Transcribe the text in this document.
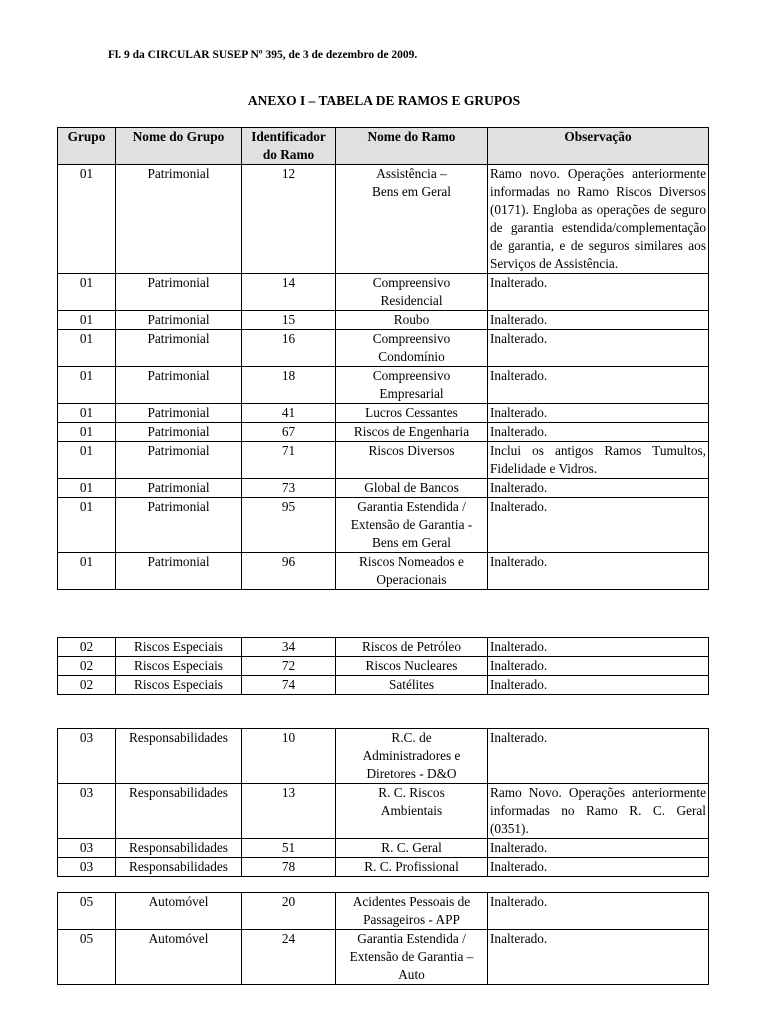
Fl. 9 da CIRCULAR SUSEP Nº 395, de 3 de dezembro de 2009.
ANEXO I – TABELA DE RAMOS E GRUPOS
Grupo	Nome do Grupo	Identificador do Ramo	Nome do Ramo	Observação
01	Patrimonial	12	Assistência –
Bens em Geral	Ramo novo. Operações anteriormente informadas no Ramo Riscos Diversos (0171). Engloba as operações de seguro de garantia estendida/complementação de garantia, e de seguros similares aos Serviços de Assistência.
01	Patrimonial	14	Compreensivo
Residencial	Inalterado.
01	Patrimonial	15	Roubo	Inalterado.
01	Patrimonial	16	Compreensivo
Condomínio	Inalterado.
01	Patrimonial	18	Compreensivo
Empresarial	Inalterado.
01	Patrimonial	41	Lucros Cessantes	Inalterado.
01	Patrimonial	67	Riscos de Engenharia	Inalterado.
01	Patrimonial	71	Riscos Diversos	Inclui os antigos Ramos Tumultos, Fidelidade e Vidros.
01	Patrimonial	73	Global de Bancos	Inalterado.
01	Patrimonial	95	Garantia Estendida /
Extensão de Garantia -
Bens em Geral	Inalterado.
01	Patrimonial	96	Riscos Nomeados e
Operacionais	Inalterado.
02	Riscos Especiais	34	Riscos de Petróleo	Inalterado.
02	Riscos Especiais	72	Riscos Nucleares	Inalterado.
02	Riscos Especiais	74	Satélites	Inalterado.
03	Responsabilidades	10	R.C. de
Administradores e
Diretores - D&O	Inalterado.
03	Responsabilidades	13	R. C. Riscos
Ambientais	Ramo Novo. Operações anteriormente informadas no Ramo R. C. Geral (0351).
03	Responsabilidades	51	R. C. Geral	Inalterado.
03	Responsabilidades	78	R. C. Profissional	Inalterado.
05	Automóvel	20	Acidentes Pessoais de
Passageiros - APP	Inalterado.
05	Automóvel	24	Garantia Estendida /
Extensão de Garantia –
Auto	Inalterado.
